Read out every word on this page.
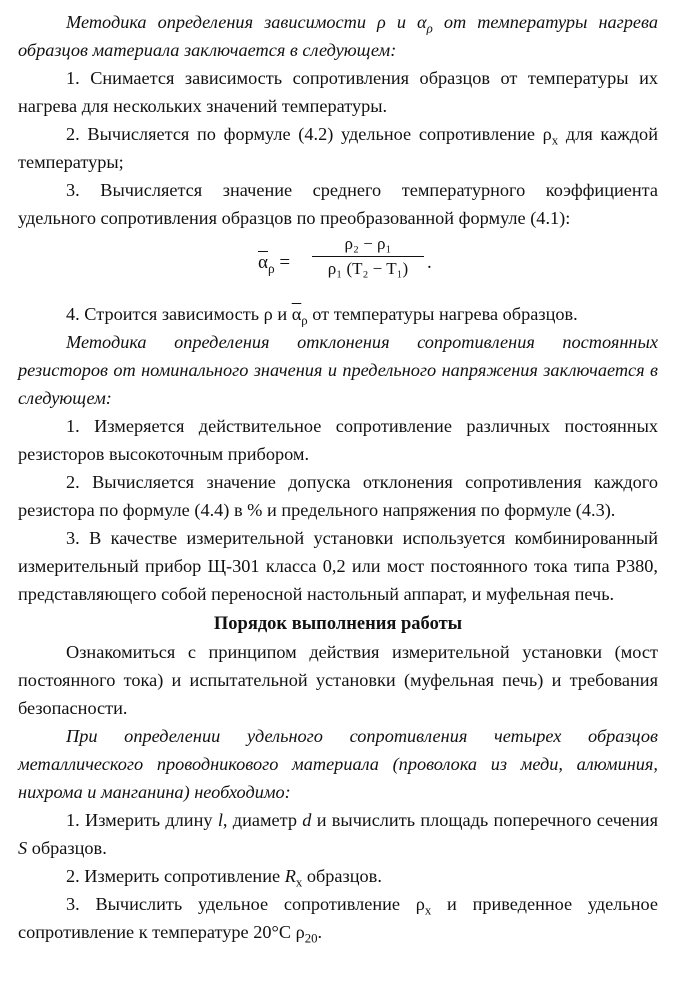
Методика определения зависимости ρ и $\alpha_\rho$ от температуры нагрева образцов материала заключается в следующем:

1. Снимается зависимость сопротивления образцов от температуры их нагрева для нескольких значений температуры.

2. Вычисляется по формуле (4.2) удельное сопротивление $\rho_x$ для каждой температуры;

3. Вычисляется значение среднего температурного коэффициента удельного сопротивления образцов по преобразованной формуле (4.1):

$\overline{\alpha}_\rho = \frac{\text{ρ₂ − ρ₁}}{\text{ρ₁ (T₂ − T₁)}}$ .

4. Строится зависимость ρ и $\overline{\alpha}_\rho$ от температуры нагрева образцов.

Методика определения отклонения сопротивления постоянных резисторов от номинального значения и предельного напряжения заключается в следующем:

1. Измеряется действительное сопротивление различных постоянных резисторов высокоточным прибором.

2. Вычисляется значение допуска отклонения сопротивления каждого резистора по формуле (4.4) в % и предельного напряжения по формуле (4.3).

3. В качестве измерительной установки используется комбинированный измерительный прибор Щ-301 класса 0,2 или мост постоянного тока типа Р380, представляющего собой переносной настольный аппарат, и муфельная печь.

Порядок выполнения работы

Ознакомиться с принципом действия измерительной установки (мост постоянного тока) и испытательной установки (муфельная печь) и требования безопасности.

При определении удельного сопротивления четырех образцов металлического проводникового материала (проволока из меди, алюминия, нихрома и манганина) необходимо:

1. Измерить длину l, диаметр d и вычислить площадь поперечного сечения S образцов.

2. Измерить сопротивление $R_x$ образцов.

3. Вычислить удельное сопротивление $\rho_x$ и приведенное удельное сопротивление к температуре 20°С $\rho_{20}$.
